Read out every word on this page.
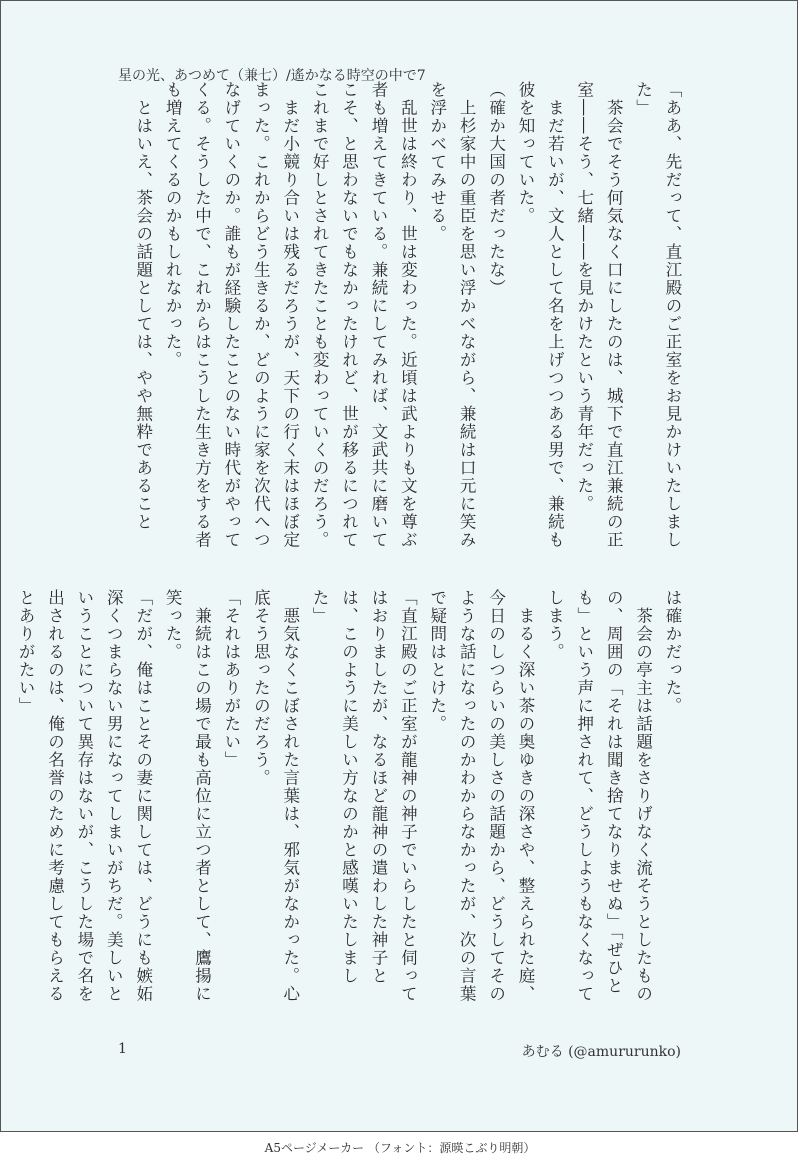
星の光、あつめて（兼七）/遙かなる時空の中で7
「ああ、先だって、直江殿のご正室をお見かけいたしました」
　茶会でそう何気なく口にしたのは、城下で直江兼続の正室――そう、七緒――を見かけたという青年だった。
　まだ若いが、文人として名を上げつつある男で、兼続も彼を知っていた。
（確か大国の者だったな）
　上杉家中の重臣を思い浮かべながら、兼続は口元に笑みを浮かべてみせる。
　乱世は終わり、世は変わった。近頃は武よりも文を尊ぶ者も増えてきている。兼続にしてみれば、文武共に磨いてこそ、と思わないでもなかったけれど、世が移るにつれてこれまで好しとされてきたことも変わっていくのだろう。
　まだ小競り合いは残るだろうが、天下の行く末はほぼ定まった。これからどう生きるか、どのように家を次代へつなげていくのか。誰もが経験したことのない時代がやってくる。そうした中で、これからはこうした生き方をする者も増えてくるのかもしれなかった。
　とはいえ、茶会の話題としては、やや無粋であること
は確かだった。
　茶会の亭主は話題をさりげなく流そうとしたものの、周囲の「それは聞き捨てなりませぬ」「ぜひとも」という声に押されて、どうしようもなくなってしまう。
　まるく深い茶の奥ゆきの深さや、整えられた庭、今日のしつらいの美しさの話題から、どうしてそのような話になったのかわからなかったが、次の言葉で疑問はとけた。
「直江殿のご正室が龍神の神子でいらしたと伺ってはおりましたが、なるほど龍神の遣わした神子とは、このように美しい方なのかと感嘆いたしました」
　悪気なくこぼされた言葉は、邪気がなかった。心底そう思ったのだろう。
「それはありがたい」
　兼続はこの場で最も高位に立つ者として、鷹揚に笑った。
「だが、俺はことその妻に関しては、どうにも嫉妬深くつまらない男になってしまいがちだ。美しいということについて異存はないが、こうした場で名を出されるのは、俺の名誉のために考慮してもらえるとありがたい」
1	あむる (@amururunko)
A5ページメーカー （フォント：源暎こぶり明朝）
